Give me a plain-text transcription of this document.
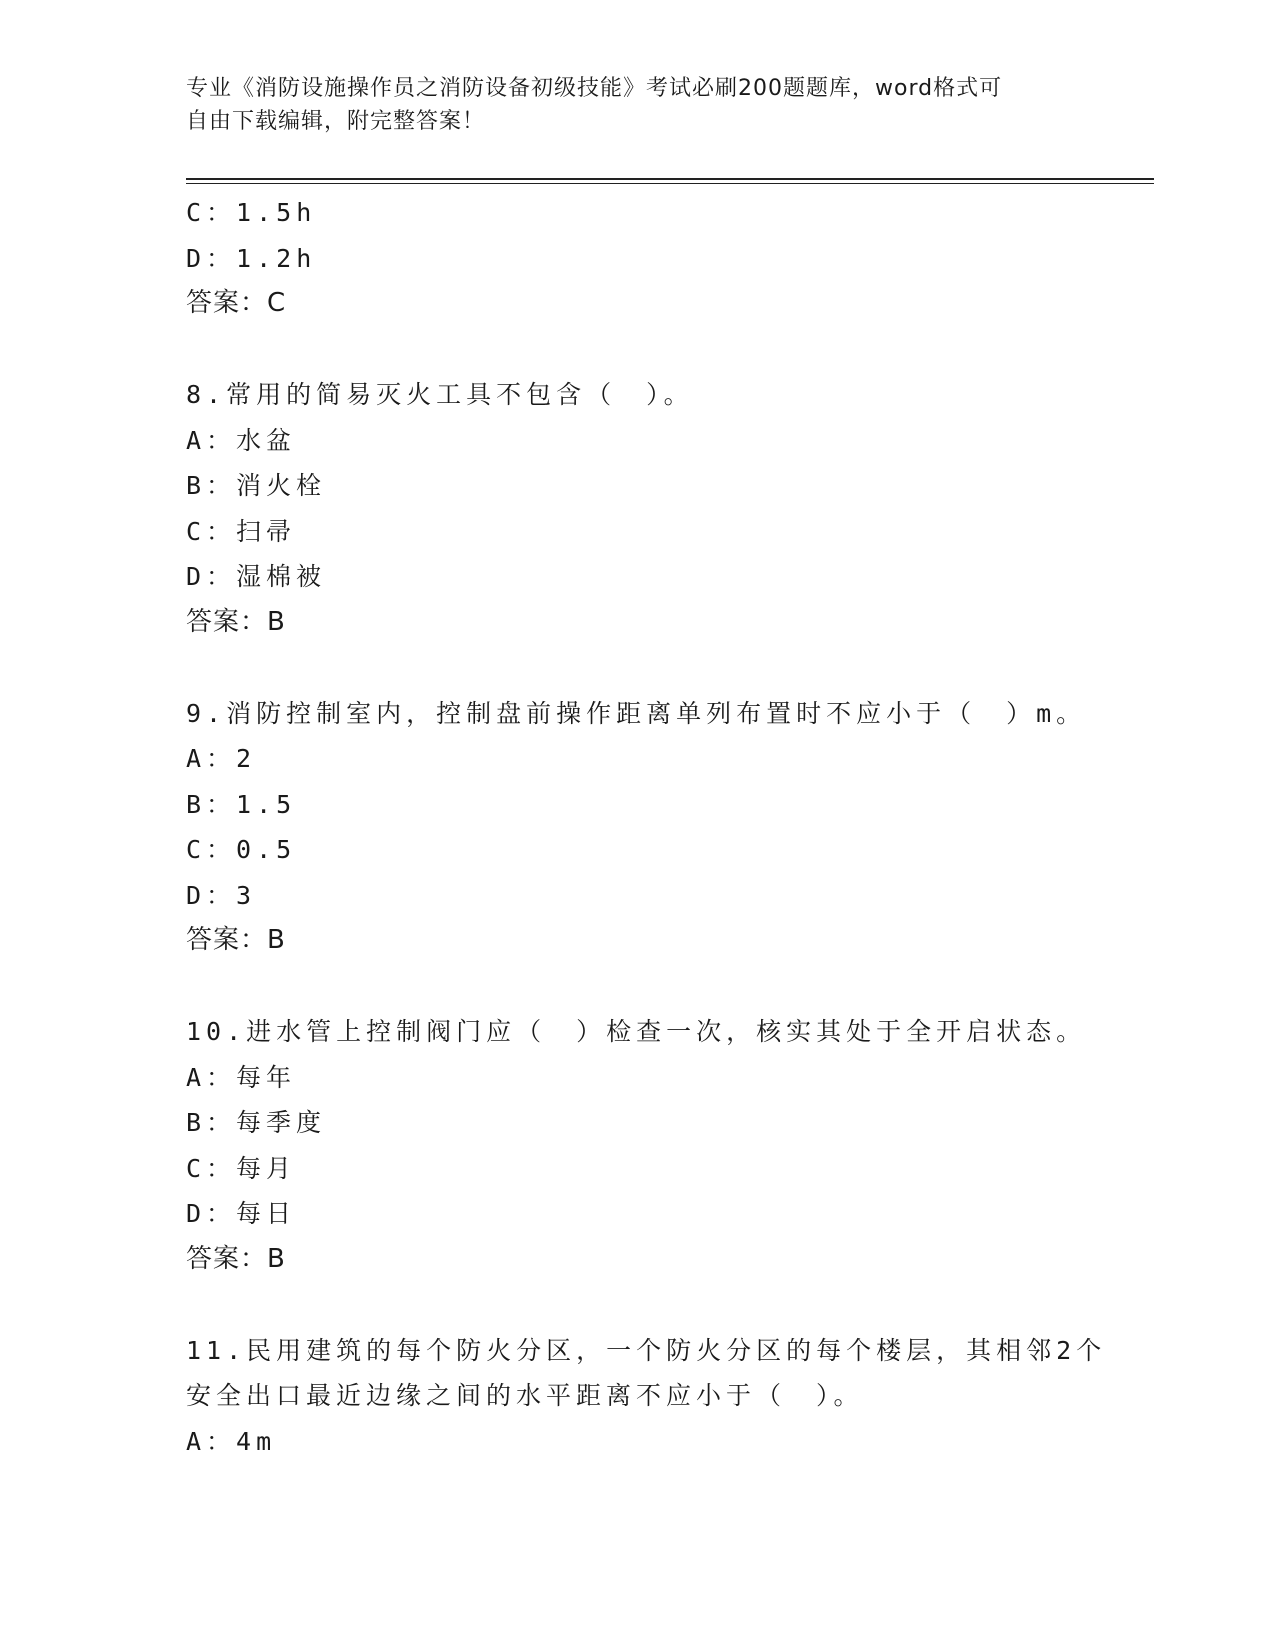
专业《消防设施操作员之消防设备初级技能》考试必刷200题题库，word格式可
自由下载编辑，附完整答案！
C：1.5h
D：1.2h
答案：C
8.常用的简易灭火工具不包含（　）。
A：水盆
B：消火栓
C：扫帚
D：湿棉被
答案：B
9.消防控制室内，控制盘前操作距离单列布置时不应小于（　）m。
A：2
B：1.5
C：0.5
D：3
答案：B
10.进水管上控制阀门应（　）检查一次，核实其处于全开启状态。
A：每年
B：每季度
C：每月
D：每日
答案：B
11.民用建筑的每个防火分区，一个防火分区的每个楼层，其相邻2个
安全出口最近边缘之间的水平距离不应小于（　）。
A：4m
